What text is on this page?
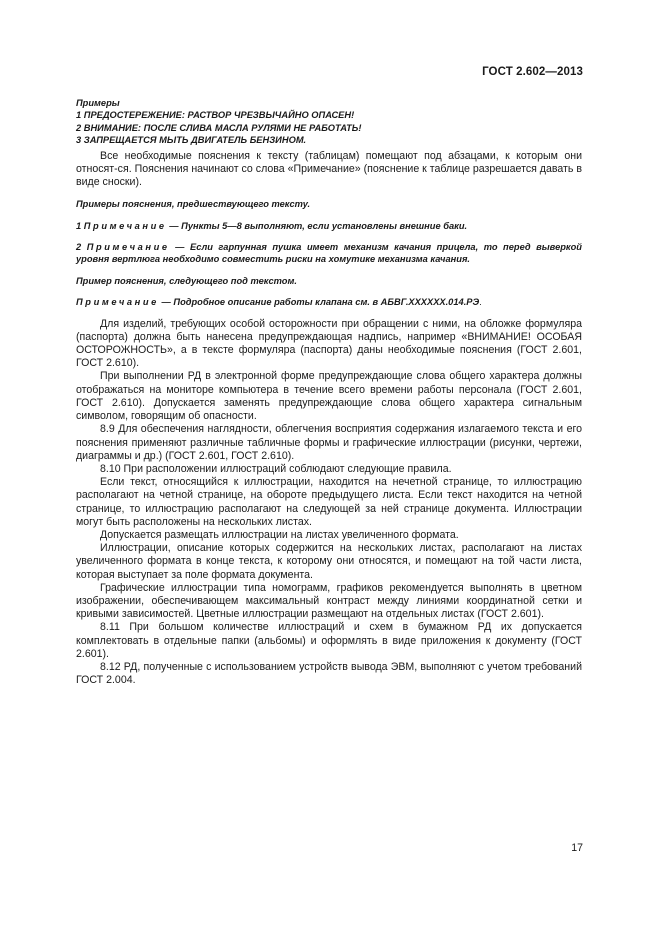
ГОСТ 2.602—2013

Примеры

1 ПРЕДОСТЕРЕЖЕНИЕ: РАСТВОР ЧРЕЗВЫЧАЙНО ОПАСЕН!

2 ВНИМАНИЕ: ПОСЛЕ СЛИВА МАСЛА РУЛЯМИ НЕ РАБОТАТЬ!

3 ЗАПРЕЩАЕТСЯ МЫТЬ ДВИГАТЕЛЬ БЕНЗИНОМ.

Все необходимые пояснения к тексту (таблицам) помещают под абзацами, к которым они относят-ся. Пояснения начинают со слова «Примечание» (пояснение к таблице разрешается давать в виде сноски).

Примеры пояснения, предшествующего тексту.

1 Примечание — Пункты 5—8 выполняют, если установлены внешние баки.

2 Примечание — Если гарпунная пушка имеет механизм качания прицела, то перед выверкой уровня вертлюга необходимо совместить риски на хомутике механизма качания.

Пример пояснения, следующего под текстом.

Примечание — Подробное описание работы клапана см. в АБВГ.XXXXXX.014.РЭ.

Для изделий, требующих особой осторожности при обращении с ними, на обложке формуляра (паспорта) должна быть нанесена предупреждающая надпись, например «ВНИМАНИЕ! ОСОБАЯ ОСТОРОЖНОСТЬ», а в тексте формуляра (паспорта) даны необходимые пояснения (ГОСТ 2.601, ГОСТ 2.610).

При выполнении РД в электронной форме предупреждающие слова общего характера должны отображаться на мониторе компьютера в течение всего времени работы персонала (ГОСТ 2.601, ГОСТ 2.610). Допускается заменять предупреждающие слова общего характера сигнальным символом, говорящим об опасности.

8.9 Для обеспечения наглядности, облегчения восприятия содержания излагаемого текста и его пояснения применяют различные табличные формы и графические иллюстрации (рисунки, чертежи, диаграммы и др.) (ГОСТ 2.601, ГОСТ 2.610).

8.10 При расположении иллюстраций соблюдают следующие правила.

Если текст, относящийся к иллюстрации, находится на нечетной странице, то иллюстрацию располагают на четной странице, на обороте предыдущего листа. Если текст находится на четной странице, то иллюстрацию располагают на следующей за ней странице документа. Иллюстрации могут быть расположены на нескольких листах.

Допускается размещать иллюстрации на листах увеличенного формата.

Иллюстрации, описание которых содержится на нескольких листах, располагают на листах увеличенного формата в конце текста, к которому они относятся, и помещают на той части листа, которая выступает за поле формата документа.

Графические иллюстрации типа номограмм, графиков рекомендуется выполнять в цветном изображении, обеспечивающем максимальный контраст между линиями координатной сетки и кривыми зависимостей. Цветные иллюстрации размещают на отдельных листах (ГОСТ 2.601).

8.11 При большом количестве иллюстраций и схем в бумажном РД их допускается комплектовать в отдельные папки (альбомы) и оформлять в виде приложения к документу (ГОСТ 2.601).

8.12 РД, полученные с использованием устройств вывода ЭВМ, выполняют с учетом требований ГОСТ 2.004.

17
